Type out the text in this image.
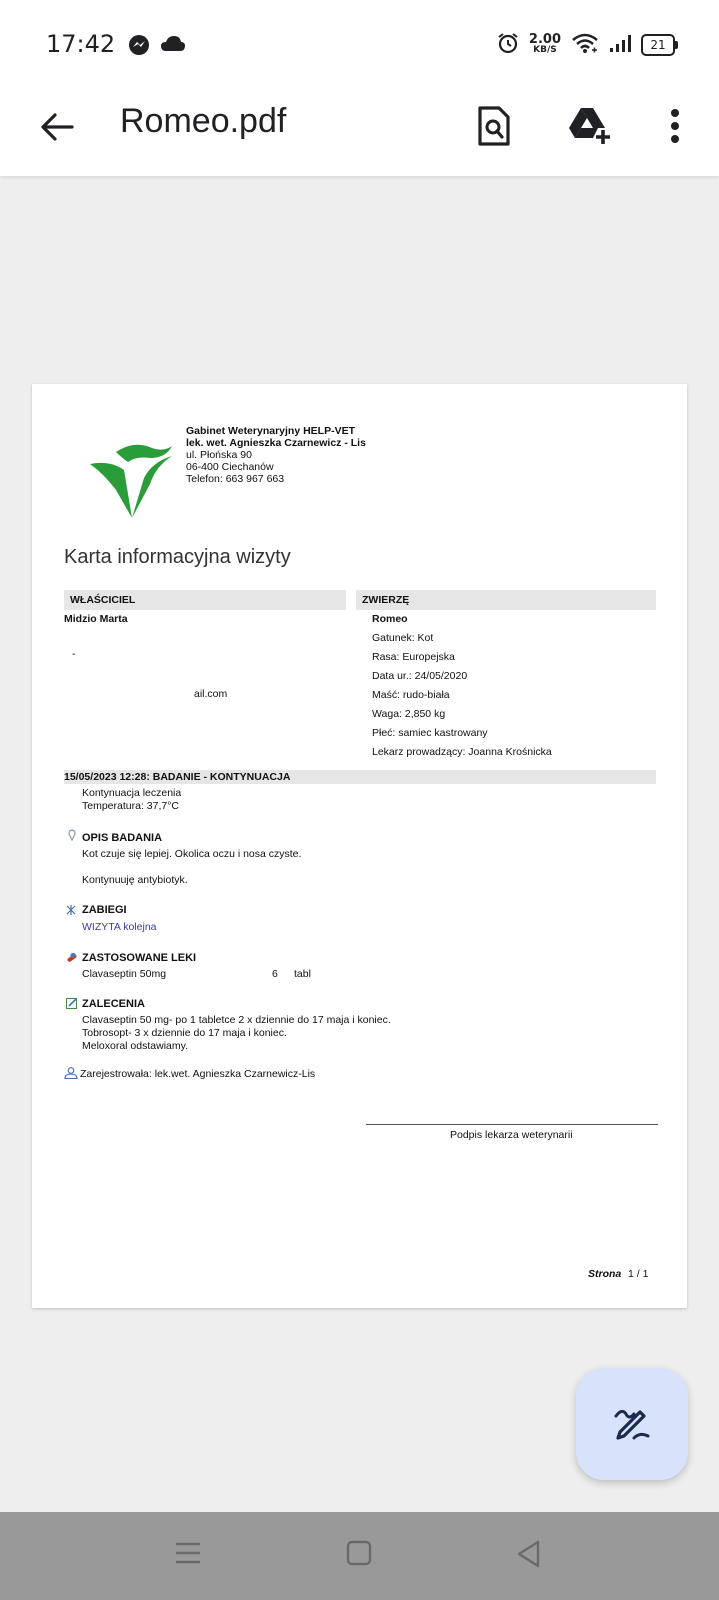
17:42	2.00
KB/S	21
Romeo.pdf
Gabinet Weterynaryjny HELP-VET
lek. wet. Agnieszka Czarnewicz - Lis
ul. Płońska 90
06-400 Ciechanów
Telefon: 663 967 663
Karta informacyjna wizyty
WŁAŚCICIEL
Midzio Marta
-
ail.com
ZWIERZĘ
Romeo
Gatunek: Kot
Rasa: Europejska
Data ur.: 24/05/2020
Maść: rudo-biała
Waga: 2,850 kg
Płeć: samiec kastrowany
Lekarz prowadzący: Joanna Krośnicka
15/05/2023 12:28: BADANIE - KONTYNUACJA
Kontynuacja leczenia
Temperatura: 37,7°C
OPIS BADANIA
Kot czuje się lepiej. Okolica oczu i nosa czyste.
Kontynuuję antybiotyk.
ZABIEGI
WIZYTA kolejna
ZASTOSOWANE LEKI
Clavaseptin 50mg	6 tabl
ZALECENIA
Clavaseptin 50 mg- po 1 tabletce 2 x dziennie do 17 maja i koniec.
Tobrosopt- 3 x dziennie do 17 maja i koniec.
Meloxoral odstawiamy.
Zarejestrowała: lek.wet. Agnieszka Czarnewicz-Lis
Podpis lekarza weterynarii
Strona 1 / 1
